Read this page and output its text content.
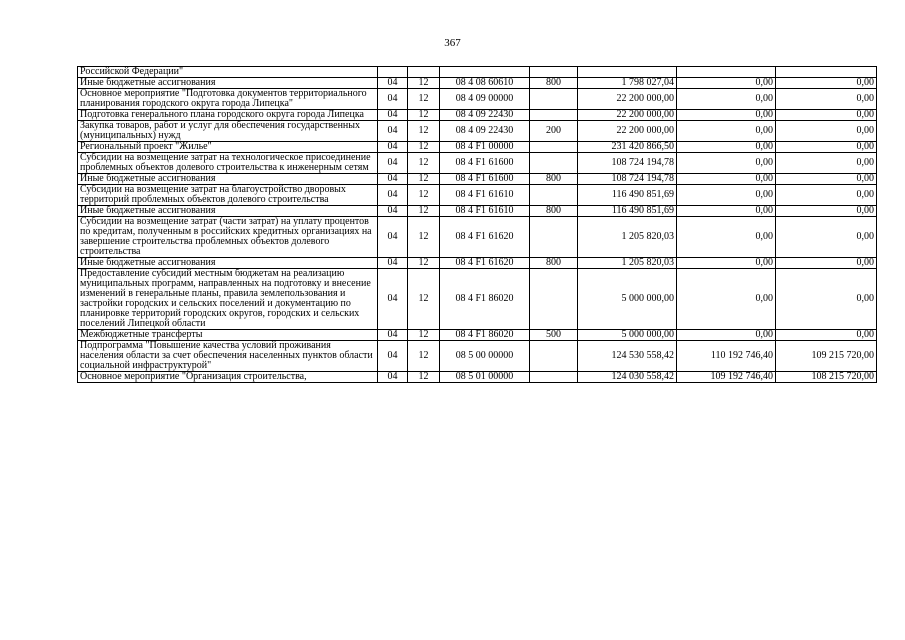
367
Российской Федерации"							
Иные бюджетные ассигнования	04	12	08 4 08 60610	800	1 798 027,04	0,00	0,00
Основное мероприятие "Подготовка документов территориального планирования городского округа города Липецка"	04	12	08 4 09 00000		22 200 000,00	0,00	0,00
Подготовка генерального плана городского округа города Липецка	04	12	08 4 09 22430		22 200 000,00	0,00	0,00
Закупка товаров, работ и услуг для обеспечения государственных (муниципальных) нужд	04	12	08 4 09 22430	200	22 200 000,00	0,00	0,00
Региональный проект "Жилье"	04	12	08 4 F1 00000		231 420 866,50	0,00	0,00
Субсидии на возмещение затрат на технологическое присоединение проблемных объектов долевого строительства к инженерным сетям	04	12	08 4 F1 61600		108 724 194,78	0,00	0,00
Иные бюджетные ассигнования	04	12	08 4 F1 61600	800	108 724 194,78	0,00	0,00
Субсидии на возмещение затрат на благоустройство дворовых территорий проблемных объектов долевого строительства	04	12	08 4 F1 61610		116 490 851,69	0,00	0,00
Иные бюджетные ассигнования	04	12	08 4 F1 61610	800	116 490 851,69	0,00	0,00
Субсидии на возмещение затрат (части затрат) на уплату процентов по кредитам, полученным в российских кредитных организациях на завершение строительства проблемных объектов долевого строительства	04	12	08 4 F1 61620		1 205 820,03	0,00	0,00
Иные бюджетные ассигнования	04	12	08 4 F1 61620	800	1 205 820,03	0,00	0,00
Предоставление субсидий местным бюджетам на реализацию муниципальных программ, направленных на подготовку и внесение изменений в генеральные планы, правила землепользования и застройки городских и сельских поселений и документацию по планировке территорий городских округов, городских и сельских поселений Липецкой области	04	12	08 4 F1 86020		5 000 000,00	0,00	0,00
Межбюджетные трансферты	04	12	08 4 F1 86020	500	5 000 000,00	0,00	0,00
Подпрограмма "Повышение качества условий проживания населения области за счет обеспечения населенных пунктов области социальной инфраструктурой"	04	12	08 5 00 00000		124 530 558,42	110 192 746,40	109 215 720,00
Основное мероприятие "Организация строительства,	04	12	08 5 01 00000		124 030 558,42	109 192 746,40	108 215 720,00
